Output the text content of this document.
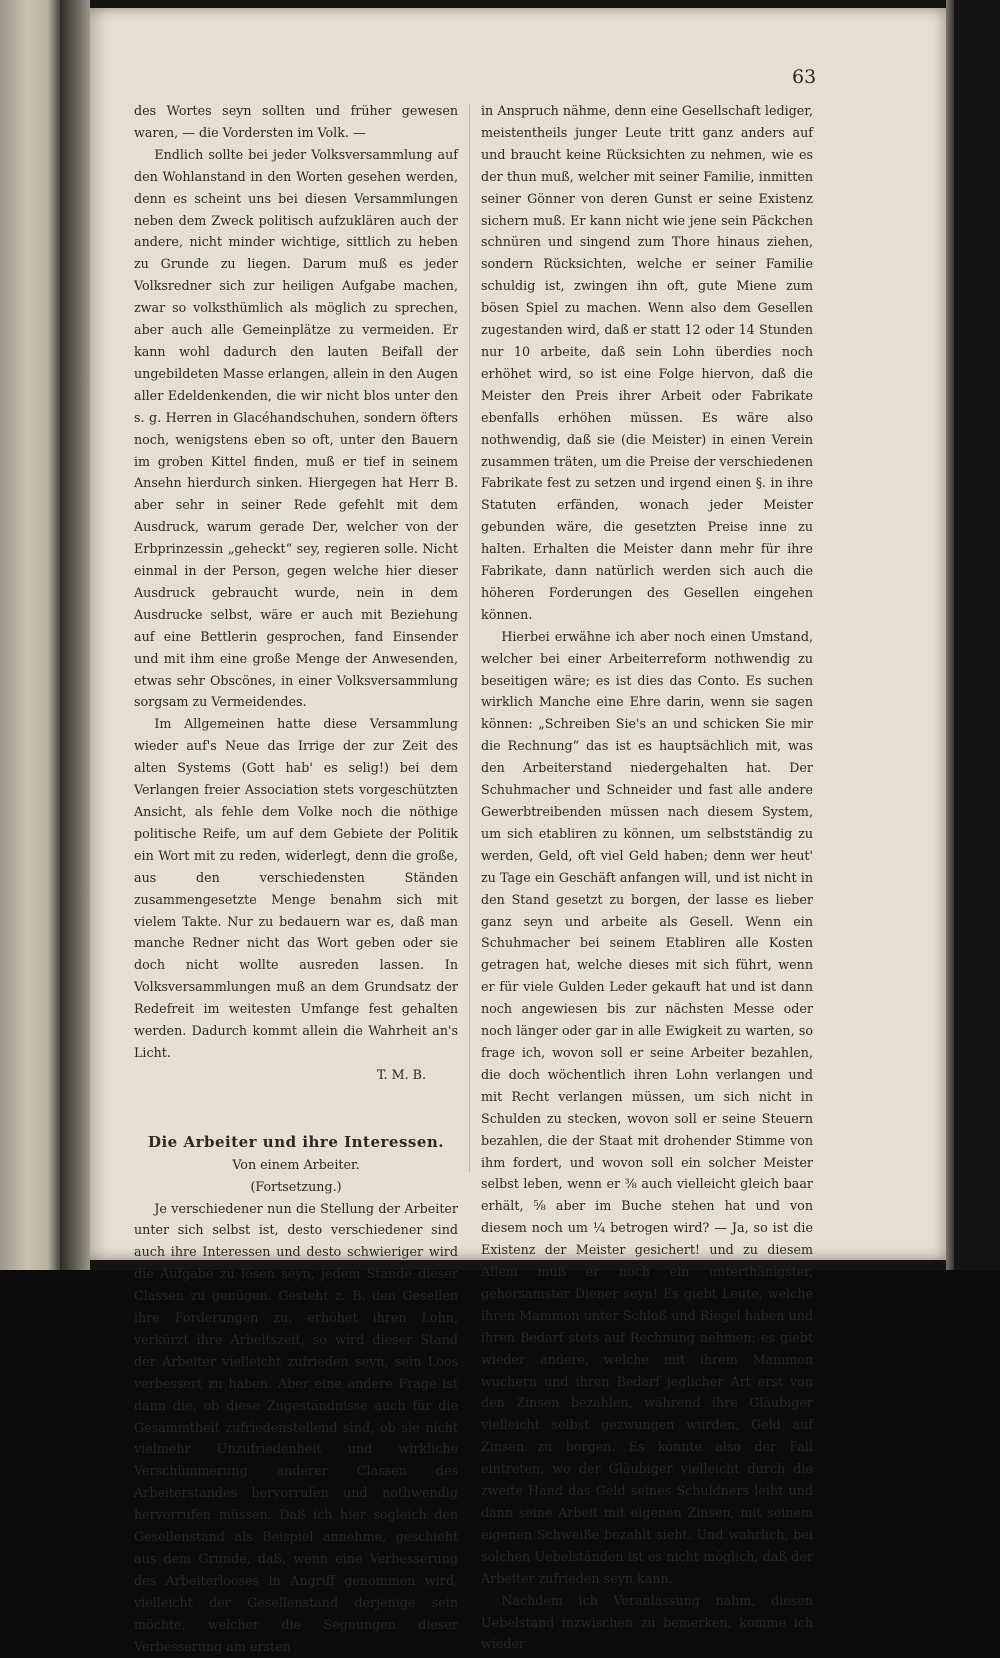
63

des Wortes seyn sollten und früher gewesen waren, — die Vordersten im Volk. —

Endlich sollte bei jeder Volksversammlung auf den Wohlanstand in den Worten gesehen werden, denn es scheint uns bei diesen Versammlungen neben dem Zweck politisch aufzuklären auch der andere, nicht minder wichtige, sittlich zu heben zu Grunde zu liegen. Darum muß es jeder Volksredner sich zur heiligen Aufgabe machen, zwar so volksthümlich als möglich zu sprechen, aber auch alle Gemeinplätze zu vermeiden. Er kann wohl dadurch den lauten Beifall der ungebildeten Masse erlangen, allein in den Augen aller Edeldenkenden, die wir nicht blos unter den s. g. Herren in Glacéhandschuhen, sondern öfters noch, wenigstens eben so oft, unter den Bauern im groben Kittel finden, muß er tief in seinem Ansehn hierdurch sinken. Hiergegen hat Herr B. aber sehr in seiner Rede gefehlt mit dem Ausdruck, warum gerade Der, welcher von der Erbprinzessin „geheckt“ sey, regieren solle. Nicht einmal in der Person, gegen welche hier dieser Ausdruck gebraucht wurde, nein in dem Ausdrucke selbst, wäre er auch mit Beziehung auf eine Bettlerin gesprochen, fand Einsender und mit ihm eine große Menge der Anwesenden, etwas sehr Obscönes, in einer Volksversammlung sorgsam zu Vermeidendes.

Im Allgemeinen hatte diese Versammlung wieder auf's Neue das Irrige der zur Zeit des alten Systems (Gott hab' es selig!) bei dem Verlangen freier Association stets vorgeschützten Ansicht, als fehle dem Volke noch die nöthige politische Reife, um auf dem Gebiete der Politik ein Wort mit zu reden, widerlegt, denn die große, aus den verschiedensten Ständen zusammengesetzte Menge benahm sich mit vielem Takte. Nur zu bedauern war es, daß man manche Redner nicht das Wort geben oder sie doch nicht wollte ausreden lassen. In Volksversammlungen muß an dem Grundsatz der Redefreit im weitesten Umfange fest gehalten werden. Dadurch kommt allein die Wahrheit an's Licht.

T. M. B.

Die Arbeiter und ihre Interessen.

Von einem Arbeiter.

(Fortsetzung.)

Je verschiedener nun die Stellung der Arbeiter unter sich selbst ist, desto verschiedener sind auch ihre Interessen und desto schwieriger wird die Aufgabe zu lösen seyn, jedem Stande dieser Classen zu genügen. Gesteht z. B. den Gesellen ihre Forderungen zu, erhöhet ihren Lohn, verkürzt ihre Arbeitszeit, so wird dieser Stand der Arbeiter vielleicht zufrieden seyn, sein Loos verbessert zu haben. Aber eine andere Frage ist dann die, ob diese Zugeständnisse auch für die Gesammtheit zufriedenstellend sind, ob sie nicht vielmehr Unzufriedenheit und wirkliche Verschlimmerung anderer Classen des Arbeiterstandes hervorrufen und nothwendig hervorrufen müssen. Daß ich hier sogleich den Gesellenstand als Beispiel annehme, geschieht aus dem Grunde, daß, wenn eine Verbesserung des Arbeiterlooses in Angriff genommen wird, vielleicht der Gesellenstand derjenige sein möchte, welcher die Segnungen dieser Verbesserung am ersten

in Anspruch nähme, denn eine Gesellschaft lediger, meistentheils junger Leute tritt ganz anders auf und braucht keine Rücksichten zu nehmen, wie es der thun muß, welcher mit seiner Familie, inmitten seiner Gönner von deren Gunst er seine Existenz sichern muß. Er kann nicht wie jene sein Päckchen schnüren und singend zum Thore hinaus ziehen, sondern Rücksichten, welche er seiner Familie schuldig ist, zwingen ihn oft, gute Miene zum bösen Spiel zu machen. Wenn also dem Gesellen zugestanden wird, daß er statt 12 oder 14 Stunden nur 10 arbeite, daß sein Lohn überdies noch erhöhet wird, so ist eine Folge hiervon, daß die Meister den Preis ihrer Arbeit oder Fabrikate ebenfalls erhöhen müssen. Es wäre also nothwendig, daß sie (die Meister) in einen Verein zusammen träten, um die Preise der verschiedenen Fabrikate fest zu setzen und irgend einen §. in ihre Statuten erfänden, wonach jeder Meister gebunden wäre, die gesetzten Preise inne zu halten. Erhalten die Meister dann mehr für ihre Fabrikate, dann natürlich werden sich auch die höheren Forderungen des Gesellen eingehen können.

Hierbei erwähne ich aber noch einen Umstand, welcher bei einer Arbeiterreform nothwendig zu beseitigen wäre; es ist dies das Conto. Es suchen wirklich Manche eine Ehre darin, wenn sie sagen können: „Schreiben Sie's an und schicken Sie mir die Rechnung“ das ist es hauptsächlich mit, was den Arbeiterstand niedergehalten hat. Der Schuhmacher und Schneider und fast alle andere Gewerbtreibenden müssen nach diesem System, um sich etabliren zu können, um selbstständig zu werden, Geld, oft viel Geld haben; denn wer heut' zu Tage ein Geschäft anfangen will, und ist nicht in den Stand gesetzt zu borgen, der lasse es lieber ganz seyn und arbeite als Gesell. Wenn ein Schuhmacher bei seinem Etabliren alle Kosten getragen hat, welche dieses mit sich führt, wenn er für viele Gulden Leder gekauft hat und ist dann noch angewiesen bis zur nächsten Messe oder noch länger oder gar in alle Ewigkeit zu warten, so frage ich, wovon soll er seine Arbeiter bezahlen, die doch wöchentlich ihren Lohn verlangen und mit Recht verlangen müssen, um sich nicht in Schulden zu stecken, wovon soll er seine Steuern bezahlen, die der Staat mit drohender Stimme von ihm fordert, und wovon soll ein solcher Meister selbst leben, wenn er ⅜ auch vielleicht gleich baar erhält, ⅝ aber im Buche stehen hat und von diesem noch um ¼ betrogen wird? — Ja, so ist die Existenz der Meister gesichert! und zu diesem Allem muß er noch ein unterthänigster, gehorsamster Diener seyn! Es giebt Leute, welche ihren Mammon unter Schloß und Riegel haben und ihren Bedarf stets auf Rechnung nehmen; es giebt wieder andere, welche mit ihrem Mammon wuchern und ihren Bedarf jeglicher Art erst von den Zinsen bezahlen, während ihre Gläubiger vielleicht selbst gezwungen wurden, Geld auf Zinsen zu borgen. Es könnte also der Fall eintreten, wo der Gläubiger vielleicht durch die zweite Hand das Geld seines Schuldners leiht und dann seine Arbeit mit eigenen Zinsen, mit seinem eigenen Schweiße bezahlt sieht. Und wahrlich, bei solchen Uebelständen ist es nicht möglich, daß der Arbeiter zufrieden seyn kann.

Nachdem ich Veranlassung nahm, diesen Uebelstand inzwischen zu bemerken, komme ich wieder
